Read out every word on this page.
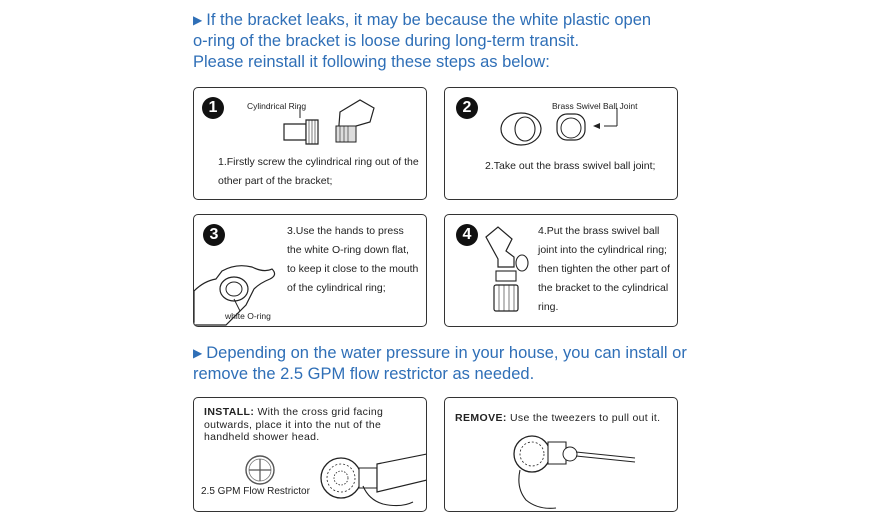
▶ If the bracket leaks, it may be because the white plastic open
o-ring of the bracket is loose during long-term transit.
Please reinstall it following these steps as below:
1	Cylindrical Ring
1.Firstly screw the cylindrical ring out of the
other part of the bracket;
2	Brass Swivel Ball Joint
2.Take out the brass swivel ball joint;
3
white O-ring
3.Use the hands to press
the white O-ring down flat,
to keep it close to the mouth
of the cylindrical ring;
4	4.Put the brass swivel ball
joint into the cylindrical ring;
then tighten the other part of
the bracket to the cylindrical
ring.
▶ Depending on the water pressure in your house, you can install or
remove the 2.5 GPM flow restrictor as needed.
INSTALL: With the cross grid facing
outwards, place it into the nut of the
handheld shower head.
2.5 GPM Flow Restrictor
REMOVE: Use the tweezers to pull out it.
